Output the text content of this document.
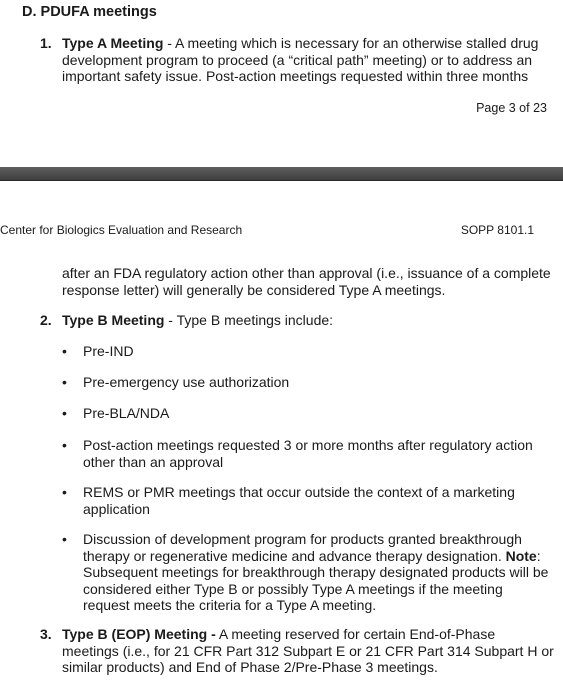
D. PDUFA meetings
1. Type A Meeting - A meeting which is necessary for an otherwise stalled drug development program to proceed (a “critical path” meeting) or to address an important safety issue. Post-action meetings requested within three months
Page 3 of 23
Center for Biologics Evaluation and Research	SOPP 8101.1
after an FDA regulatory action other than approval (i.e., issuance of a complete response letter) will generally be considered Type A meetings.
2. Type B Meeting - Type B meetings include:
• Pre-IND
• Pre-emergency use authorization
• Pre-BLA/NDA
• Post-action meetings requested 3 or more months after regulatory action other than an approval
• REMS or PMR meetings that occur outside the context of a marketing application
• Discussion of development program for products granted breakthrough therapy or regenerative medicine and advance therapy designation. Note: Subsequent meetings for breakthrough therapy designated products will be considered either Type B or possibly Type A meetings if the meeting request meets the criteria for a Type A meeting.
3. Type B (EOP) Meeting - A meeting reserved for certain End-of-Phase meetings (i.e., for 21 CFR Part 312 Subpart E or 21 CFR Part 314 Subpart H or similar products) and End of Phase 2/Pre-Phase 3 meetings.
